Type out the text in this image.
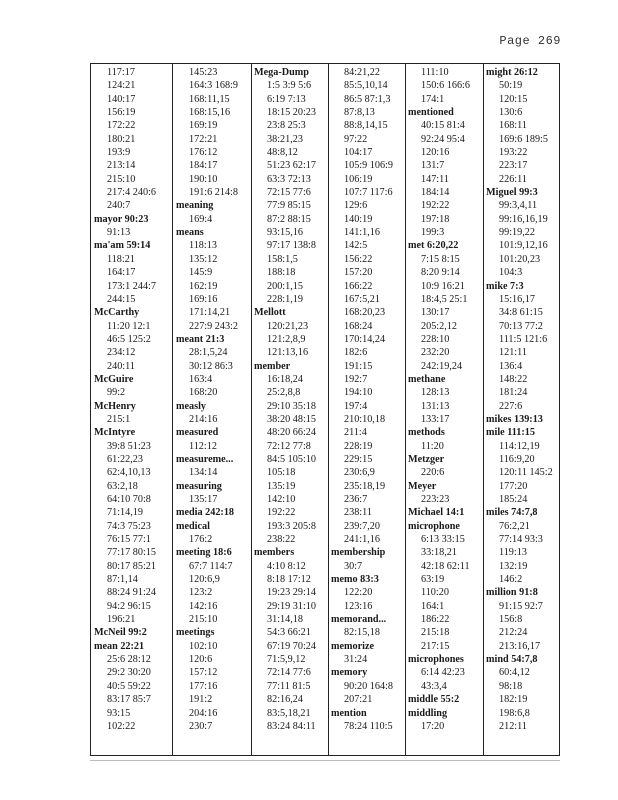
Page 269
117:17
124:21
140:17
156:19
172:22
180:21
193:9
213:14
215:10
217:4 240:6
240:7
mayor 90:23
91:13
ma'am 59:14
118:21
164:17
173:1 244:7
244:15
McCarthy
11:20 12:1
46:5 125:2
234:12
240:11
McGuire
99:2
McHenry
215:1
McIntyre
39:8 51:23
61:22,23
62:4,10,13
63:2,18
64:10 70:8
71:14,19
74:3 75:23
76:15 77:1
77:17 80:15
80:17 85:21
87:1,14
88:24 91:24
94:2 96:15
196:21
McNeil 99:2
mean 22:21
25:6 28:12
29:2 30:20
40:5 59:22
83:17 85:7
93:15
102:22
145:23
164:3 168:9
168:11,15
168:15,16
169:19
172:21
176:12
184:17
190:10
191:6 214:8
meaning
169:4
means
118:13
135:12
145:9
162:19
169:16
171:14,21
227:9 243:2
meant 21:3
28:1,5,24
30:12 86:3
163:4
168:20
measly
214:16
measured
112:12
measureme...
134:14
measuring
135:17
media 242:18
medical
176:2
meeting 18:6
67:7 114:7
120:6,9
123:2
142:16
215:10
meetings
102:10
120:6
157:12
177:16
191:2
204:16
230:7
Mega-Dump
1:5 3:9 5:6
6:19 7:13
18:15 20:23
23:8 25:3
38:21,23
48:8,12
51:23 62:17
63:3 72:13
72:15 77:6
77:9 85:15
87:2 88:15
93:15,16
97:17 138:8
158:1,5
188:18
200:1,15
228:1,19
Mellott
120:21,23
121:2,8,9
121:13,16
member
16:18,24
25:2,8,8
29:10 35:18
38:20 48:15
48:20 66:24
72:12 77:8
84:5 105:10
105:18
135:19
142:10
192:22
193:3 205:8
238:22
members
4:10 8:12
8:18 17:12
19:23 29:14
29:19 31:10
31:14,18
54:3 66:21
67:19 70:24
71:5,9,12
72:14 77:6
77:11 81:5
82:16,24
83:5,18,21
83:24 84:11
84:21,22
85:5,10,14
86:5 87:1,3
87:8,13
88:8,14,15
97:22
104:17
105:9 106:9
106:19
107:7 117:6
129:6
140:19
141:1,16
142:5
156:22
157:20
166:22
167:5,21
168:20,23
168:24
170:14,24
182:6
191:15
192:7
194:10
197:4
210:10,18
211:4
228:19
229:15
230:6,9
235:18,19
236:7
238:11
239:7,20
241:1,16
membership
30:7
memo 83:3
122:20
123:16
memorand...
82:15,18
memorize
31:24
memory
90:20 164:8
207:21
mention
78:24 110:5
111:10
150:6 166:6
174:1
mentioned
40:15 81:4
92:24 95:4
120:16
131:7
147:11
184:14
192:22
197:18
199:3
met 6:20,22
7:15 8:15
8:20 9:14
10:9 16:21
18:4,5 25:1
130:17
205:2,12
228:10
232:20
242:19,24
methane
128:13
131:13
133:17
methods
11:20
Metzger
220:6
Meyer
223:23
Michael 14:1
microphone
6:13 33:15
33:18,21
42:18 62:11
63:19
110:20
164:1
186:22
215:18
217:15
microphones
6:14 42:23
43:3,4
middle 55:2
middling
17:20
might 26:12
50:19
120:15
130:6
168:11
169:6 189:5
193:22
223:17
226:11
Miguel 99:3
99:3,4,11
99:16,16,19
99:19,22
101:9,12,16
101:20,23
104:3
mike 7:3
15:16,17
34:8 61:15
70:13 77:2
111:5 121:6
121:11
136:4
148:22
181:24
227:6
mikes 139:13
mile 111:15
114:12,19
116:9,20
120:11 145:2
177:20
185:24
miles 74:7,8
76:2,21
77:14 93:3
119:13
132:19
146:2
million 91:8
91:15 92:7
156:8
212:24
213:16,17
mind 54:7,8
60:4,12
98:18
182:19
198:6,8
212:11
